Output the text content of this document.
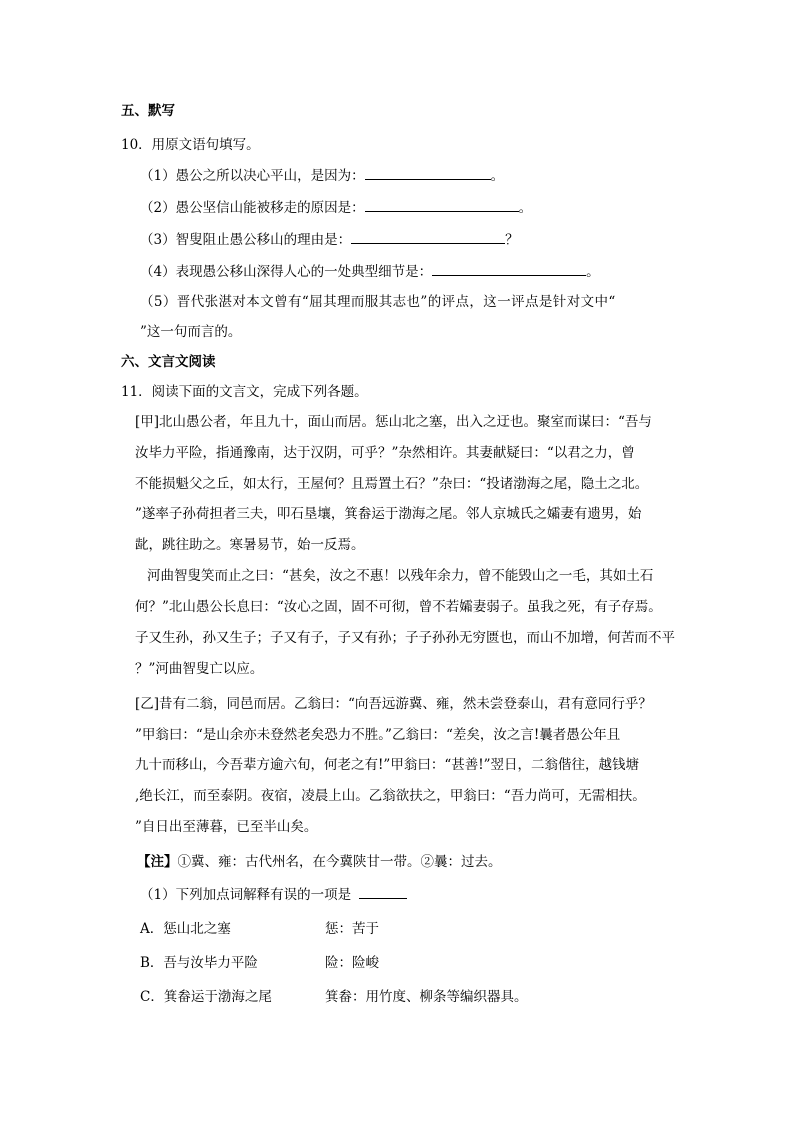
五、默写
10．用原文语句填写。
（1）愚公之所以决心平山，是因为：	。
（2）愚公坚信山能被移走的原因是：	。
（3）智叟阻止愚公移山的理由是：	？
（4）表现愚公移山深得人心的一处典型细节是：	。
（5）晋代张湛对本文曾有“屈其理而服其志也”的评点，这一评点是针对文中“
”这一句而言的。
六、文言文阅读
11．阅读下面的文言文，完成下列各题。
[甲]北山愚公者，年且九十，面山而居。惩山北之塞，出入之迂也。聚室而谋曰：“吾与
汝毕力平险，指通豫南，达于汉阴，可乎？”杂然相许。其妻献疑曰：“以君之力，曾
不能损魁父之丘，如太行，王屋何？且焉置土石？”杂曰：“投诸渤海之尾，隐土之北。
”遂率子孙荷担者三夫，叩石垦壤，箕畚运于渤海之尾。邻人京城氏之孀妻有遗男，始
龀，跳往助之。寒暑易节，始一反焉。
河曲智叟笑而止之曰：“甚矣，汝之不惠！以残年余力，曾不能毁山之一毛，其如土石
何？”北山愚公长息曰：“汝心之固，固不可彻，曾不若孀妻弱子。虽我之死，有子存焉。
子又生孙，孙又生子；子又有子，子又有孙；子子孙孙无穷匮也，而山不加增，何苦而不平
？”河曲智叟亡以应。
[乙]昔有二翁，同邑而居。乙翁曰：“向吾远游冀、雍，然未尝登泰山，君有意同行乎？
”甲翁曰：“是山余亦未登然老矣恐力不胜。”乙翁曰：“差矣，汝之言!曩者愚公年且
九十而移山，今吾辈方逾六旬，何老之有!”甲翁曰：“甚善!”翌日，二翁偕往，越钱塘
,绝长江，而至泰阴。夜宿，凌晨上山。乙翁欲扶之，甲翁曰：“吾力尚可，无需相扶。
”自日出至薄暮，已至半山矣。
【注】①冀、雍：古代州名，在今冀陕甘一带。②曩：过去。
（1）下列加点词解释有误的一项是
A．惩山北之塞	惩：苦于
B．吾与汝毕力平险	险：险峻
C．箕畚运于渤海之尾	箕畚：用竹度、柳条等编织器具。
